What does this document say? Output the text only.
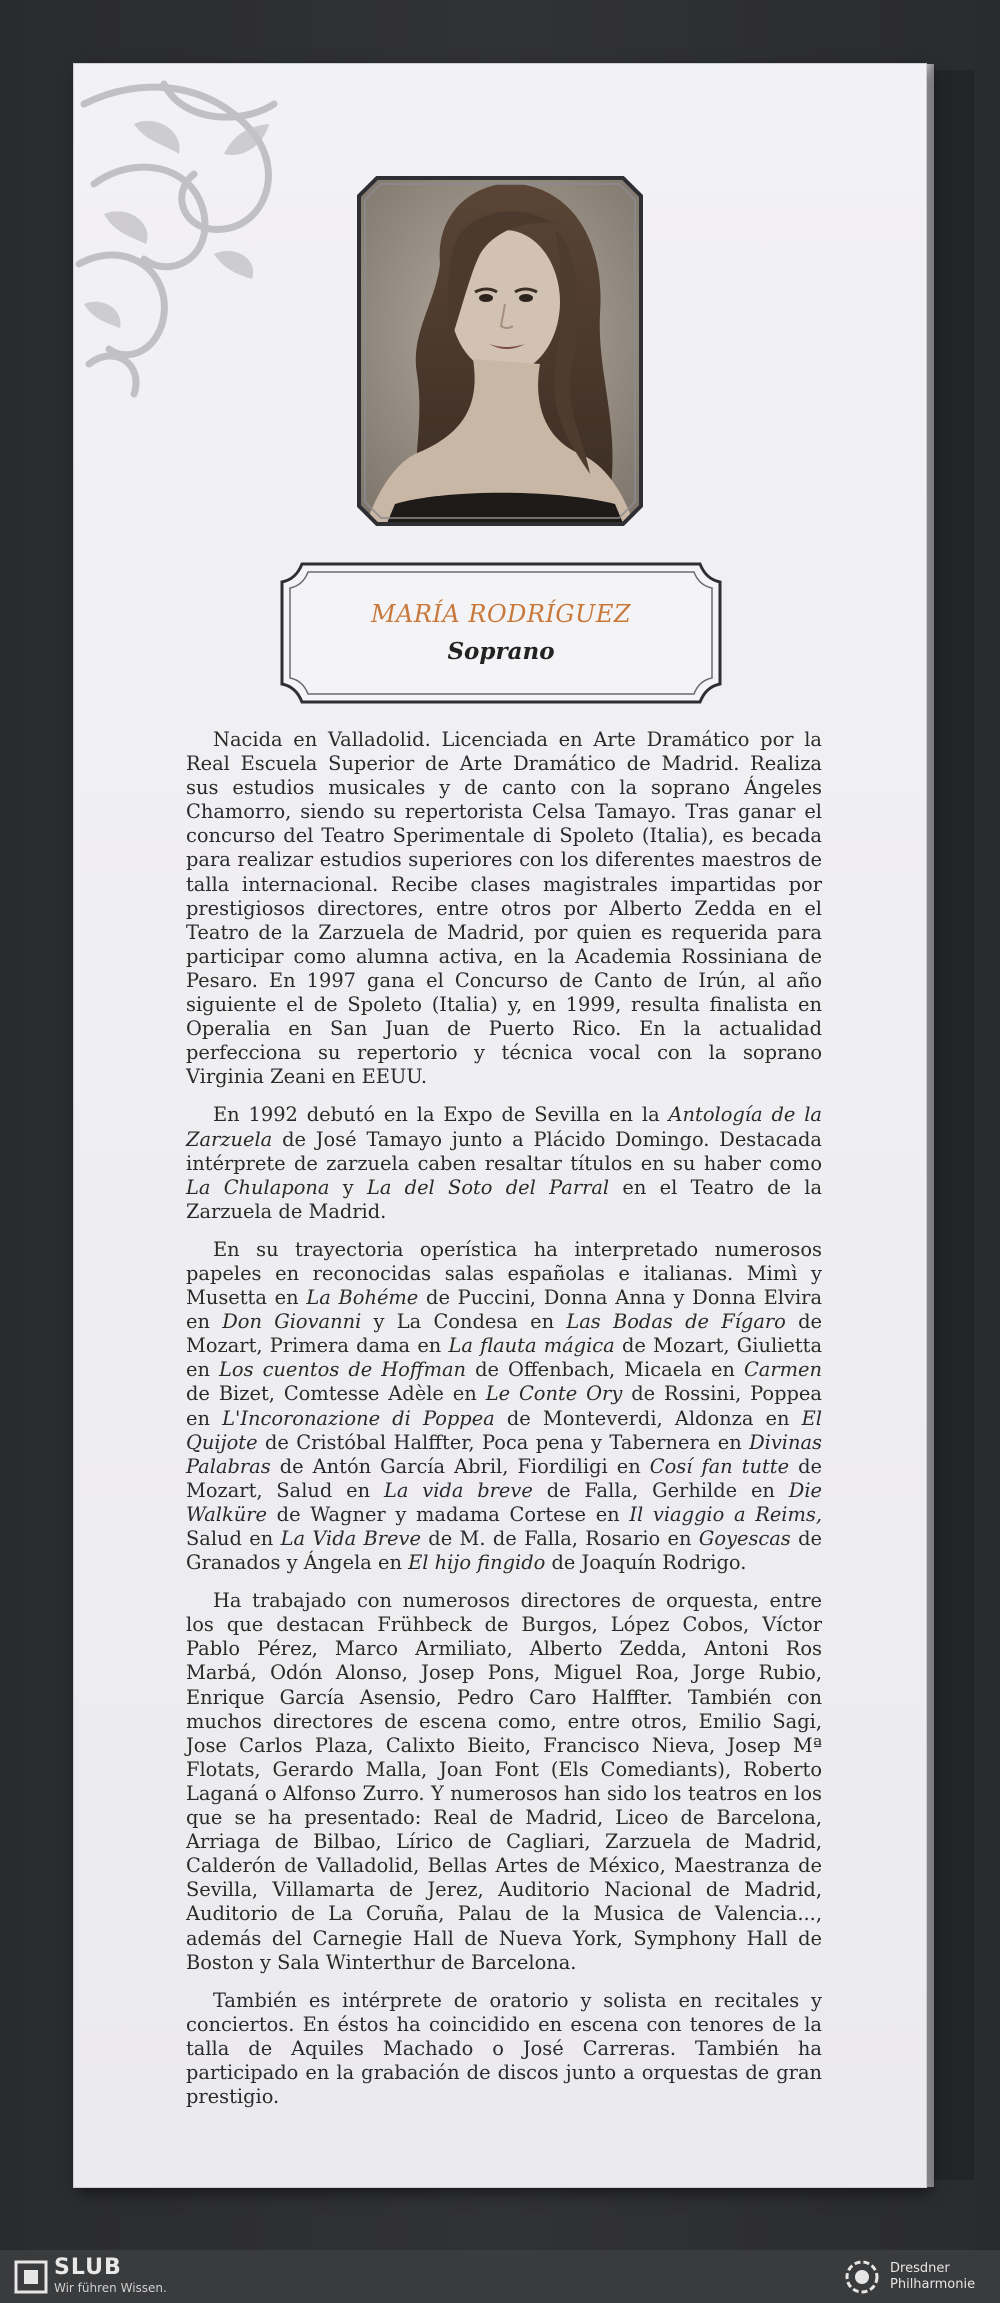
MARÍA RODRÍGUEZ
Soprano

Nacida en Valladolid. Licenciada en Arte Dramático por la Real Escuela Superior de Arte Dramático de Madrid. Realiza sus estudios musicales y de canto con la soprano Ángeles Chamorro, siendo su repertorista Celsa Tamayo. Tras ganar el concurso del Teatro Sperimentale di Spoleto (Italia), es becada para realizar estudios superiores con los diferentes maestros de talla internacional. Recibe clases magistrales impartidas por prestigiosos directores, entre otros por Alberto Zedda en el Teatro de la Zarzuela de Madrid, por quien es requerida para participar como alumna activa, en la Academia Rossiniana de Pesaro. En 1997 gana el Concurso de Canto de Irún, al año siguiente el de Spoleto (Italia) y, en 1999, resulta finalista en Operalia en San Juan de Puerto Rico. En la actualidad perfecciona su repertorio y técnica vocal con la soprano Virginia Zeani en EEUU.

En 1992 debutó en la Expo de Sevilla en la Antología de la Zarzuela de José Tamayo junto a Plácido Domingo. Destacada intérprete de zarzuela caben resaltar títulos en su haber como La Chulapona y La del Soto del Parral en el Teatro de la Zarzuela de Madrid.

En su trayectoria operística ha interpretado numerosos papeles en reconocidas salas españolas e italianas. Mimì y Musetta en La Bohéme de Puccini, Donna Anna y Donna Elvira en Don Giovanni y La Condesa en Las Bodas de Fígaro de Mozart, Primera dama en La flauta mágica de Mozart, Giulietta en Los cuentos de Hoffman de Offenbach, Micaela en Carmen de Bizet, Comtesse Adèle en Le Conte Ory de Rossini, Poppea en L'Incoronazione di Poppea de Monteverdi, Aldonza en El Quijote de Cristóbal Halffter, Poca pena y Tabernera en Divinas Palabras de Antón García Abril, Fiordiligi en Cosí fan tutte de Mozart, Salud en La vida breve de Falla, Gerhilde en Die Walküre de Wagner y madama Cortese en Il viaggio a Reims, Salud en La Vida Breve de M. de Falla, Rosario en Goyescas de Granados y Ángela en El hijo fingido de Joaquín Rodrigo.

Ha trabajado con numerosos directores de orquesta, entre los que destacan Frühbeck de Burgos, López Cobos, Víctor Pablo Pérez, Marco Armiliato, Alberto Zedda, Antoni Ros Marbá, Odón Alonso, Josep Pons, Miguel Roa, Jorge Rubio, Enrique García Asensio, Pedro Caro Halffter. También con muchos directores de escena como, entre otros, Emilio Sagi, Jose Carlos Plaza, Calixto Bieito, Francisco Nieva, Josep Mª Flotats, Gerardo Malla, Joan Font (Els Comediants), Roberto Laganá o Alfonso Zurro. Y numerosos han sido los teatros en los que se ha presentado: Real de Madrid, Liceo de Barcelona, Arriaga de Bilbao, Lírico de Cagliari, Zarzuela de Madrid, Calderón de Valladolid, Bellas Artes de México, Maestranza de Sevilla, Villamarta de Jerez, Auditorio Nacional de Madrid, Auditorio de La Coruña, Palau de la Musica de Valencia..., además del Carnegie Hall de Nueva York, Symphony Hall de Boston y Sala Winterthur de Barcelona.

También es intérprete de oratorio y solista en recitales y conciertos. En éstos ha coincidido en escena con tenores de la talla de Aquiles Machado o José Carreras. También ha participado en la grabación de discos junto a orquestas de gran prestigio.

SLUB
Wir führen Wissen.
Dresdner
Philharmonie
